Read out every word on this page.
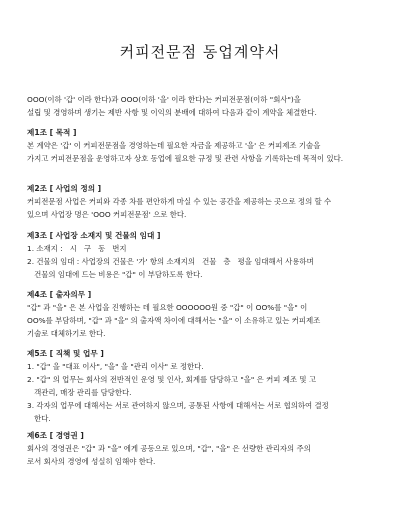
커피전문점 동업계약서

OOO(이하 '갑' 이라 한다)과 OOO(이하 '을' 이라 한다)는 커피전문점(이하 "회사")을

설립 및 경영하며 생기는 제반 사항 및 이익의 분배에 대하여 다음과 같이 계약을 체결한다.

제1조 [ 목적 ]

본 계약은 '갑' 이 커피전문점을 경영하는데 필요한 자금을 제공하고 '을' 은 커피제조 기술을

가지고 커피전문점을 운영하고자 상호 동업에 필요한 규정 및 관련 사항을 기록하는데 목적이 있다.

제2조 [ 사업의 정의 ]

커피전문점 사업은 커피와 각종 차를 편안하게 마실 수 있는 공간을 제공하는 곳으로 정의 할 수

있으며 사업장 명은 'OOO 커피전문점' 으로 한다.

제3조 [ 사업장 소재지 및 건물의 임대 ]

1. 소재지 :   시   구   동   번지

2. 건물의 임대 : 사업장의 건물은 '가' 항의 소재지의   건물   층   평을 임대해서 사용하며

건물의 임대에 드는 비용은 "갑" 이 부담하도록 한다.

제4조 [ 출자의무 ]

"갑" 과 "을" 은 본 사업을 진행하는 데 필요한 OOOOOO원 중 "갑" 이 OO%를 "을" 이

OO%를 부담하며, "갑" 과 "을" 의 출자액 차이에 대해서는 "을" 이 소유하고 있는 커피제조

기술로 대체하기로 한다.

제5조 [ 직책 및 업무 ]

1. "갑" 을 "대표 이사", "을" 을 "관리 이사" 로 정한다.

2. "갑" 의 업무는 회사의 전반적인 운영 및 인사, 회계를 담당하고 "을" 은 커피 제조 및 고

객관리, 매장 관리를 담당한다.

3. 각자의 업무에 대해서는 서로 관여하지 않으며, 공통된 사항에 대해서는 서로 협의하여 결정

한다.

제6조 [ 경영권 ]

회사의 경영권은 "갑" 과 "을" 에게 공동으로 있으며, "갑", "을" 은 선량한 관리자의 주의

로서 회사의 경영에 성실히 임해야 한다.
